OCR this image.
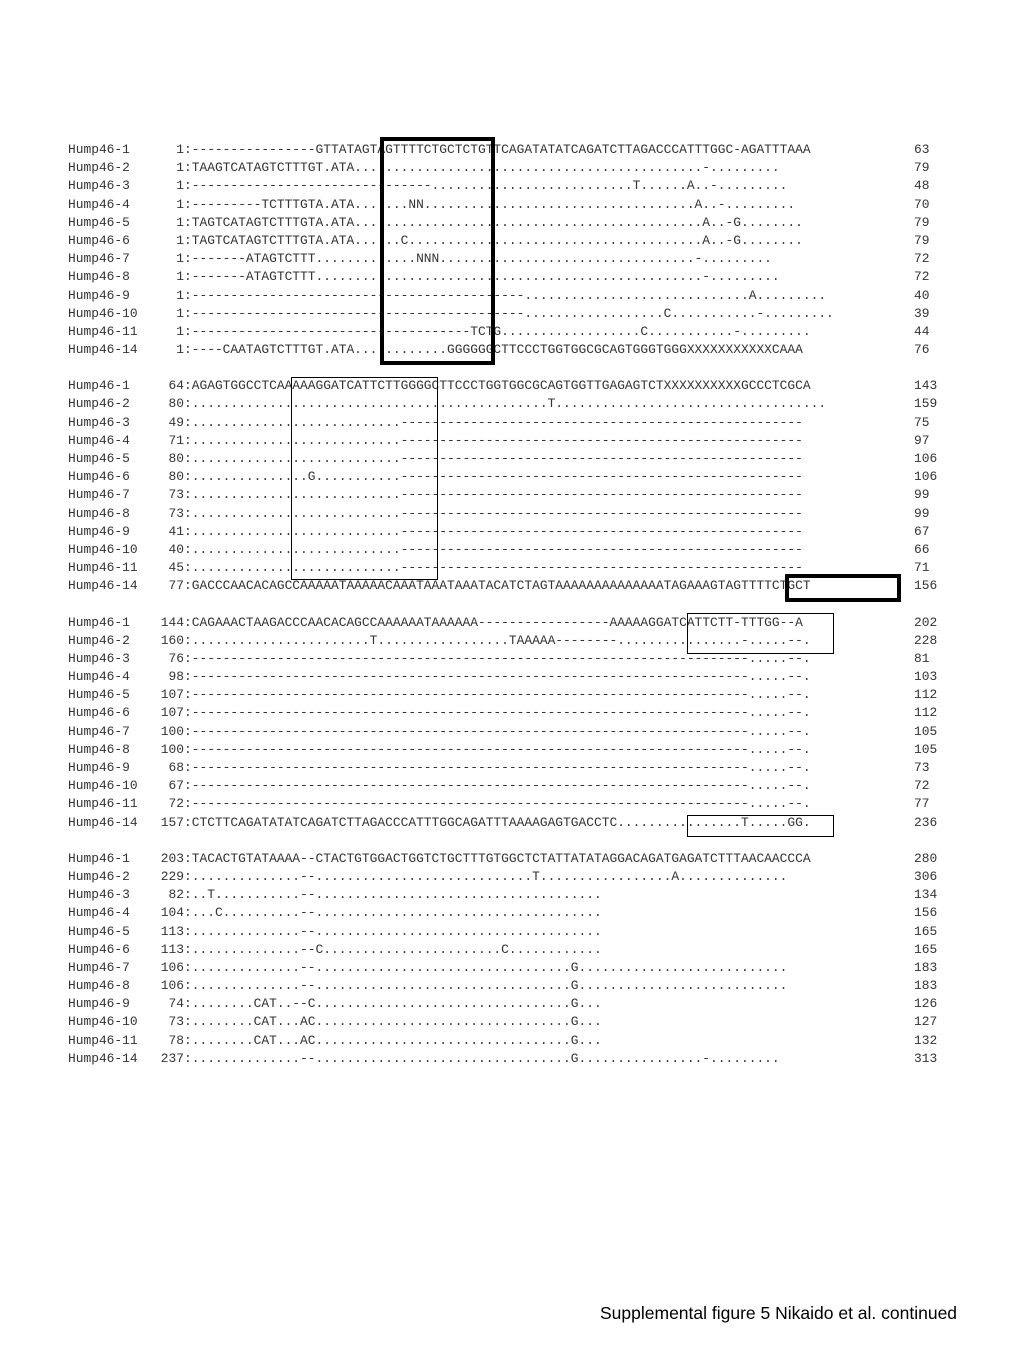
Hump46-1	1 :----------------GTTATAGTAGTTTTCTGCTCTGTTCAGATATATCAGATCTTAGACCCATTTGGC-AGATTTAAA	63
Hump46-2	1 :TAAGTCATAGTCTTTGT.ATA.............................................-.........	79
Hump46-3	1 :-------------------------------..........................T......A..-.........	48
Hump46-4	1 :---------TCTTTGTA.ATA.......NN...................................A..-.........	70
Hump46-5	1 :TAGTCATAGTCTTTGTA.ATA.............................................A..-G........	79
Hump46-6	1 :TAGTCATAGTCTTTGTA.ATA......C......................................A..-G........	79
Hump46-7	1 :-------ATAGTCTTT.............NNN.................................-.........	72
Hump46-8	1 :-------ATAGTCTTT..................................................-.........	72
Hump46-9	1 :-------------------------------------------.............................A.........	40
Hump46-10	1 :-------------------------------------------..................C...........-.........	39
Hump46-11	1 :------------------------------------TCTG..................C...........-.........	44
Hump46-14	1 :----CAATAGTCTTTGT.ATA............GGGGGGCTTCCCTGGTGGCGCAGTGGGTGGGXXXXXXXXXXXCAAA	76
Hump46-1	64 :AGAGTGGCCTCAAAAAGGATCATTCTTGGGGCTTCCCTGGTGGCGCAGTGGTTGAGAGTCTXXXXXXXXXXGCCCTCGCA	143
Hump46-2	80 :..............................................T...................................	159
Hump46-3	49 :...........................----------------------------------------------------	75
Hump46-4	71 :...........................----------------------------------------------------	97
Hump46-5	80 :...........................----------------------------------------------------	106
Hump46-6	80 :...............G...........----------------------------------------------------	106
Hump46-7	73 :...........................----------------------------------------------------	99
Hump46-8	73 :...........................----------------------------------------------------	99
Hump46-9	41 :...........................----------------------------------------------------	67
Hump46-10	40 :...........................----------------------------------------------------	66
Hump46-11	45 :...........................----------------------------------------------------	71
Hump46-14	77 :GACCCAACACAGCCAAAAATAAAAACAAATAAATAAATACATCTAGTAAAAAAAAAAAAAATAGAAAGTAGTTTTCTGCT	156
Hump46-1	144 :CAGAAACTAAGACCCAACACAGCCAAAAAATAAAAAA-----------------AAAAAGGATCATTCTT-TTTGG--A	202
Hump46-2	160 :.......................T.................TAAAAA--------................-.....--.	228
Hump46-3	76 :------------------------------------------------------------------------.....--.	81
Hump46-4	98 :------------------------------------------------------------------------.....--.	103
Hump46-5	107 :------------------------------------------------------------------------.....--.	112
Hump46-6	107 :------------------------------------------------------------------------.....--.	112
Hump46-7	100 :------------------------------------------------------------------------.....--.	105
Hump46-8	100 :------------------------------------------------------------------------.....--.	105
Hump46-9	68 :------------------------------------------------------------------------.....--.	73
Hump46-10	67 :------------------------------------------------------------------------.....--.	72
Hump46-11	72 :------------------------------------------------------------------------.....--.	77
Hump46-14	157 :CTCTTCAGATATATCAGATCTTAGACCCATTTGGCAGATTTAAAAGAGTGACCTC................T.....GG.	236
Hump46-1	203 :TACACTGTATAAAA--CTACTGTGGACTGGTCTGCTTTGTGGCTCTATTATATAGGACAGATGAGATCTTTAACAACCCA	280
Hump46-2	229 :..............--............................T.................A..............	306
Hump46-3	82 :..T...........--.....................................	134
Hump46-4	104 :...C..........--.....................................	156
Hump46-5	113 :..............--.....................................	165
Hump46-6	113 :..............--C.......................C............	165
Hump46-7	106 :..............--.................................G...........................	183
Hump46-8	106 :..............--.................................G...........................	183
Hump46-9	74 :........CAT..--C.................................G...	126
Hump46-10	73 :........CAT...AC.................................G...	127
Hump46-11	78 :........CAT...AC.................................G...	132
Hump46-14	237 :..............--.................................G................-.........	313
Supplemental figure 5 Nikaido et al. continued
